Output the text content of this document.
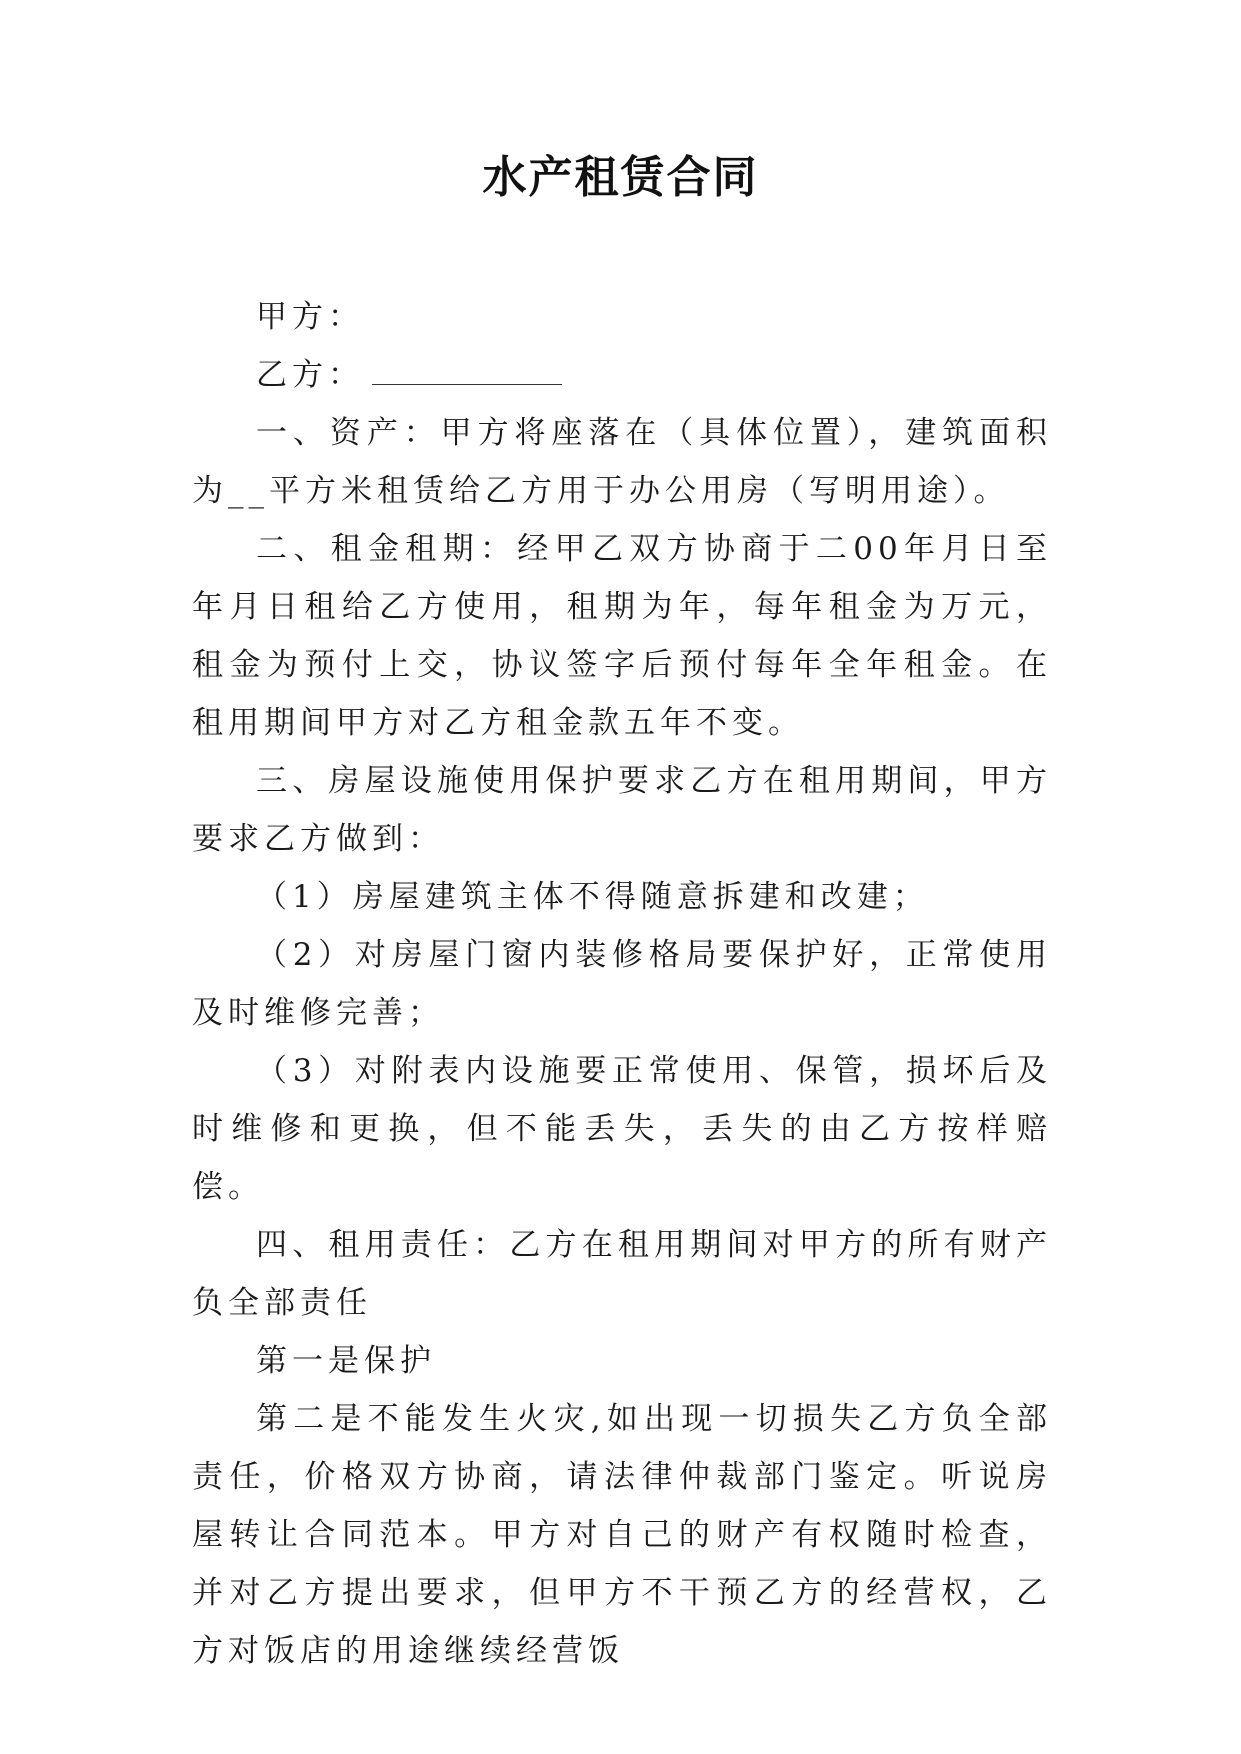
水产租赁合同

甲方：

乙方：

一、资产：甲方将座落在（具体位置），建筑面积为__平方米租赁给乙方用于办公用房（写明用途）。

二、租金租期：经甲乙双方协商于二00年月日至年月日租给乙方使用，租期为年，每年租金为万元，租金为预付上交，协议签字后预付每年全年租金。在租用期间甲方对乙方租金款五年不变。

三、房屋设施使用保护要求乙方在租用期间，甲方要求乙方做到：

（1）房屋建筑主体不得随意拆建和改建；

（2）对房屋门窗内装修格局要保护好，正常使用及时维修完善；

（3）对附表内设施要正常使用、保管，损坏后及时维修和更换，但不能丢失，丢失的由乙方按样赔偿。

四、租用责任：乙方在租用期间对甲方的所有财产负全部责任

第一是保护

第二是不能发生火灾,如出现一切损失乙方负全部责任，价格双方协商，请法律仲裁部门鉴定。听说房屋转让合同范本。甲方对自己的财产有权随时检查，并对乙方提出要求，但甲方不干预乙方的经营权，乙方对饭店的用途继续经营饭
